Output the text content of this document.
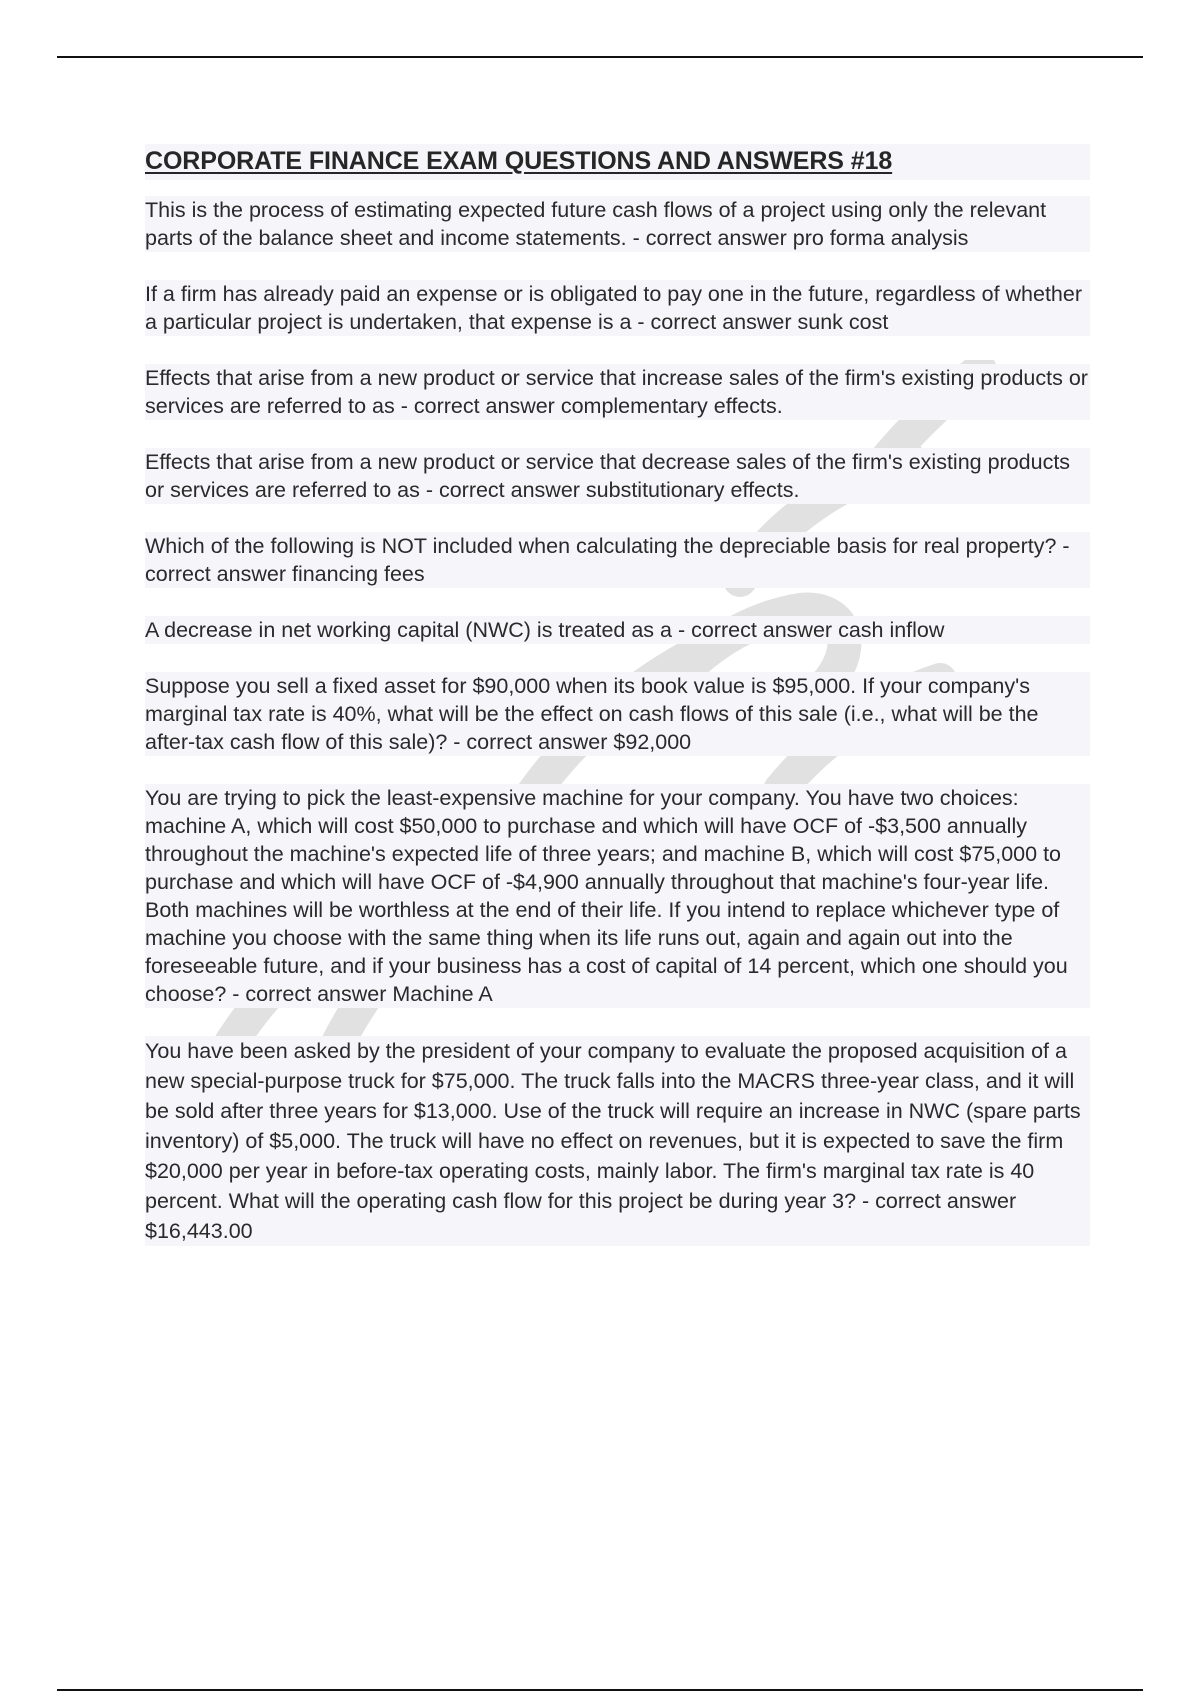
CORPORATE FINANCE EXAM QUESTIONS AND ANSWERS #18

This is the process of estimating expected future cash flows of a project using only the relevant parts of the balance sheet and income statements. - correct answer pro forma analysis

If a firm has already paid an expense or is obligated to pay one in the future, regardless of whether a particular project is undertaken, that expense is a - correct answer sunk cost

Effects that arise from a new product or service that increase sales of the firm's existing products or services are referred to as - correct answer complementary effects.

Effects that arise from a new product or service that decrease sales of the firm's existing products or services are referred to as - correct answer substitutionary effects.

Which of the following is NOT included when calculating the depreciable basis for real property? - correct answer financing fees

A decrease in net working capital (NWC) is treated as a - correct answer cash inflow

Suppose you sell a fixed asset for $90,000 when its book value is $95,000. If your company's marginal tax rate is 40%, what will be the effect on cash flows of this sale (i.e., what will be the after-tax cash flow of this sale)? - correct answer $92,000

You are trying to pick the least-expensive machine for your company. You have two choices: machine A, which will cost $50,000 to purchase and which will have OCF of -$3,500 annually throughout the machine's expected life of three years; and machine B, which will cost $75,000 to purchase and which will have OCF of -$4,900 annually throughout that machine's four-year life. Both machines will be worthless at the end of their life. If you intend to replace whichever type of machine you choose with the same thing when its life runs out, again and again out into the foreseeable future, and if your business has a cost of capital of 14 percent, which one should you choose? - correct answer Machine A

You have been asked by the president of your company to evaluate the proposed acquisition of a new special-purpose truck for $75,000. The truck falls into the MACRS three-year class, and it will be sold after three years for $13,000. Use of the truck will require an increase in NWC (spare parts inventory) of $5,000. The truck will have no effect on revenues, but it is expected to save the firm $20,000 per year in before-tax operating costs, mainly labor. The firm's marginal tax rate is 40 percent. What will the operating cash flow for this project be during year 3? - correct answer $16,443.00
